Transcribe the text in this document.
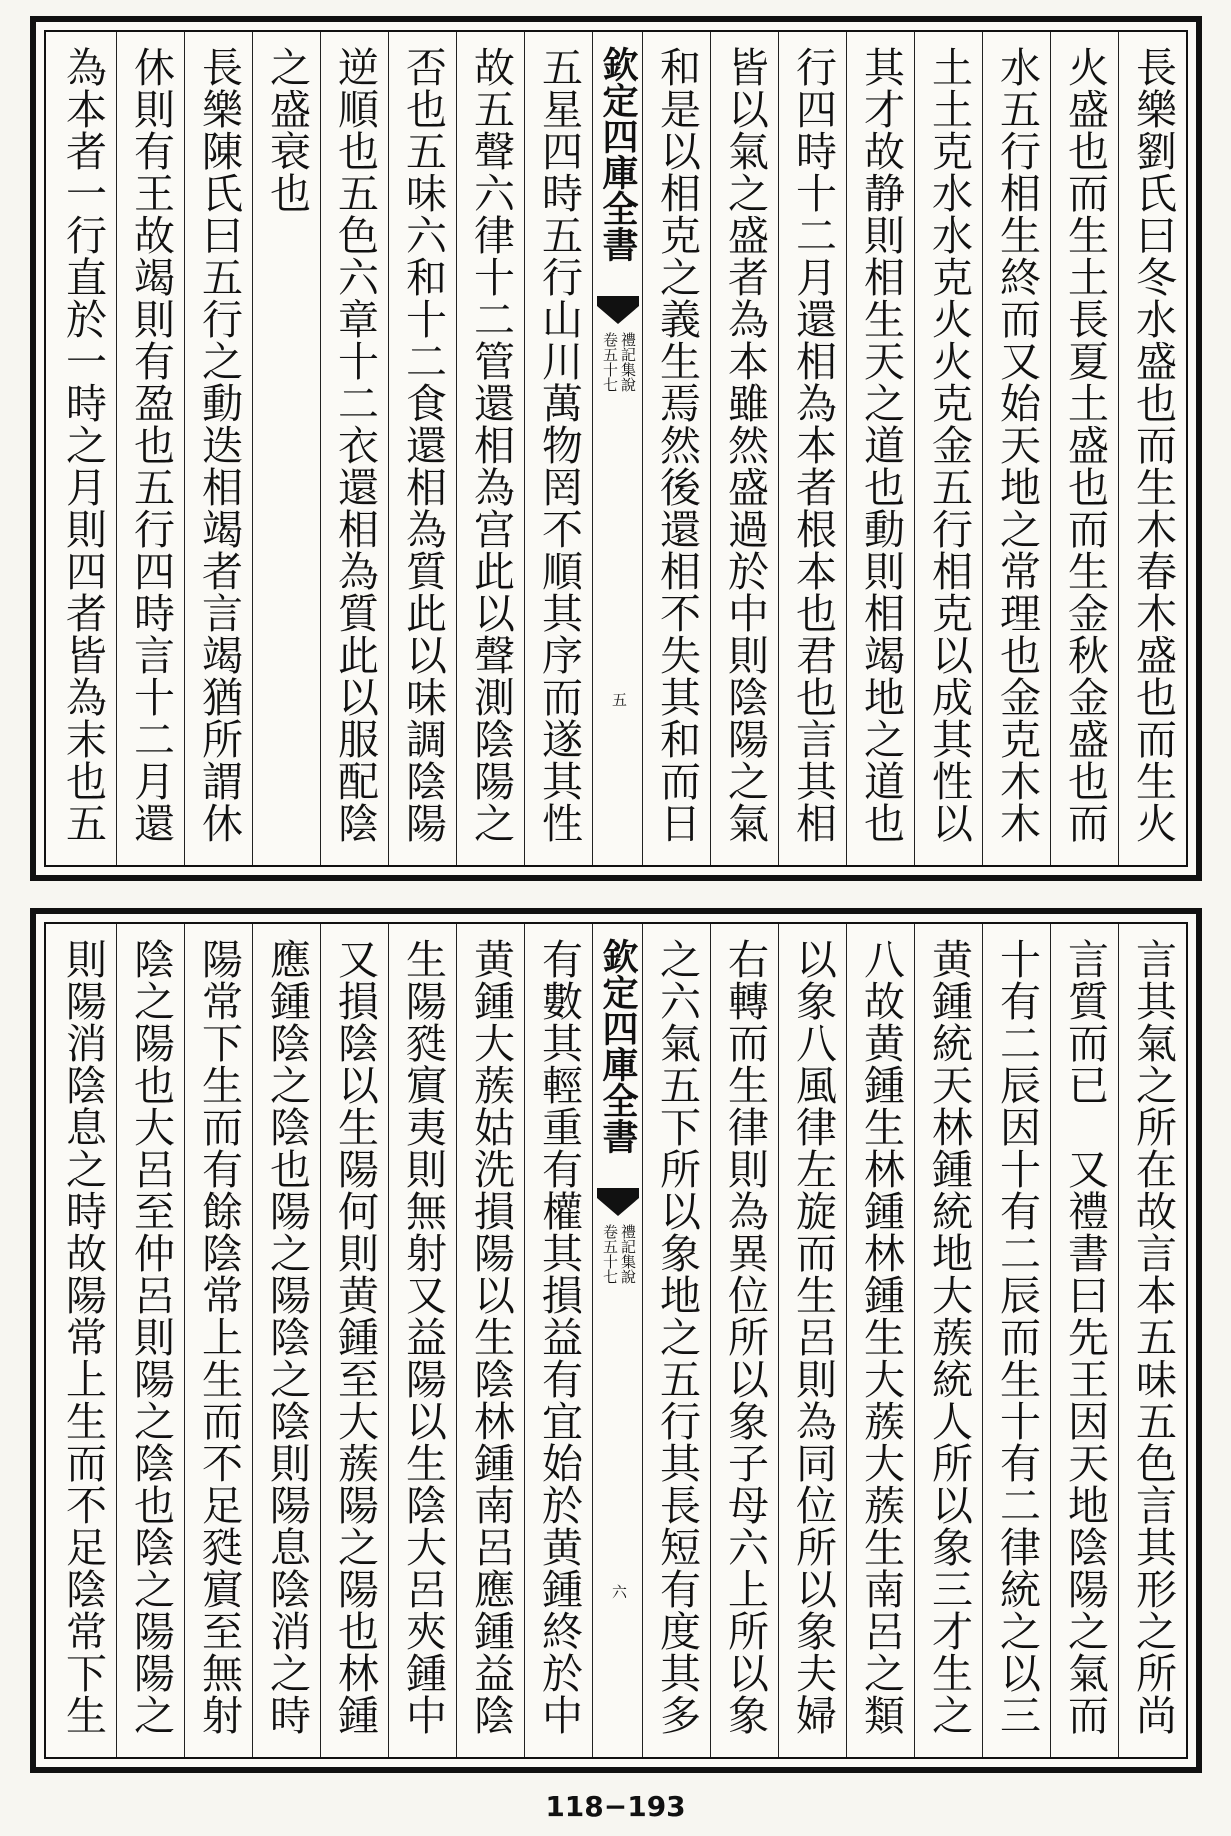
長樂劉氏曰冬水盛也而生木春木盛也而生火
火盛也而生土長夏土盛也而生金秋金盛也而
水五行相生終而又始天地之常理也金克木木
土土克水水克火火克金五行相克以成其性以
其才故静則相生天之道也動則相竭地之道也
行四時十二月還相為本者根本也君也言其相
皆以氣之盛者為本雖然盛過於中則陰陽之氣
和是以相克之義生焉然後還相不失其和而日
欽定四庫全書
禮記集說
卷五十七
五
五星四時五行山川萬物罔不順其序而遂其性
故五聲六律十二管還相為宫此以聲測陰陽之
否也五味六和十二食還相為質此以味調陰陽
逆順也五色六章十二衣還相為質此以服配陰
之盛衰也
長樂陳氏曰五行之動迭相竭者言竭猶所謂休
休則有王故竭則有盈也五行四時言十二月還
為本者一行直於一時之月則四者皆為末也五
言其氣之所在故言本五味五色言其形之所尚
言質而已　又禮書曰先王因天地陰陽之氣而
十有二辰因十有二辰而生十有二律統之以三
黄鍾統天林鍾統地大蔟統人所以象三才生之
八故黄鍾生林鍾林鍾生大蔟大蔟生南呂之類
以象八風律左旋而生呂則為同位所以象夫婦
右轉而生律則為異位所以象子母六上所以象
之六氣五下所以象地之五行其長短有度其多
欽定四庫全書
禮記集說
卷五十七
六
有數其輕重有權其損益有宜始於黄鍾終於中
黄鍾大蔟姑洗損陽以生陰林鍾南呂應鍾益陰
生陽甤賔夷則無射又益陽以生陰大呂夾鍾中
又損陰以生陽何則黄鍾至大蔟陽之陽也林鍾
應鍾陰之陰也陽之陽陰之陰則陽息陰消之時
陽常下生而有餘陰常上生而不足甤賔至無射
陰之陽也大呂至仲呂則陽之陰也陰之陽陽之
則陽消陰息之時故陽常上生而不足陰常下生
118−193
